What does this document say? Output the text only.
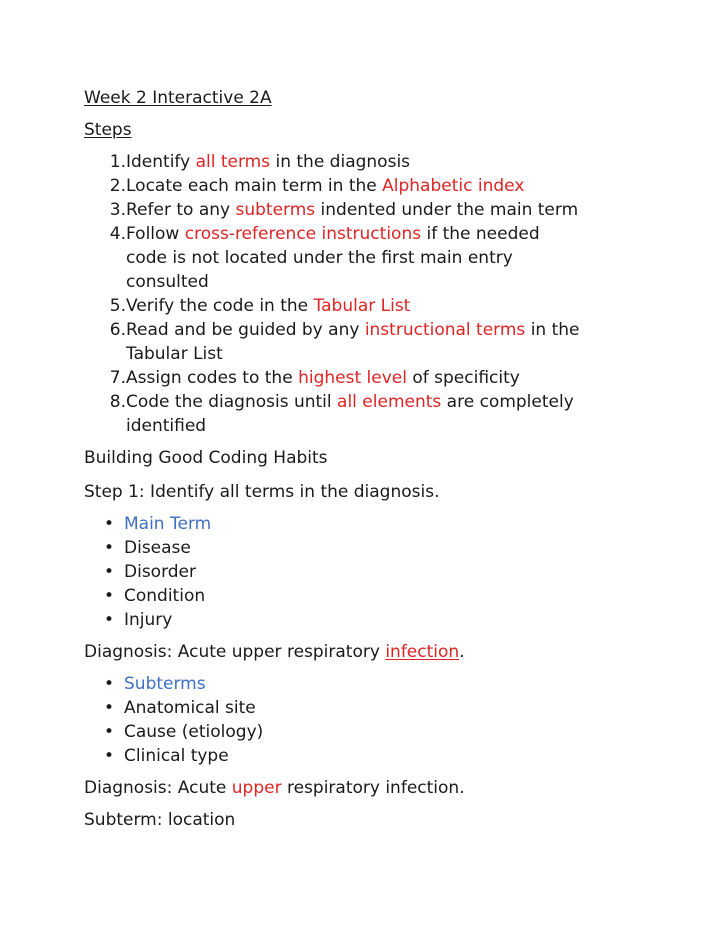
Week 2 Interactive 2A
Steps
1.Identify all terms in the diagnosis
2.Locate each main term in the Alphabetic index
3.Refer to any subterms indented under the main term
4.Follow cross-reference instructions if the needed
code is not located under the first main entry
consulted
5.Verify the code in the Tabular List
6.Read and be guided by any instructional terms in the
Tabular List
7.Assign codes to the highest level of specificity
8.Code the diagnosis until all elements are completely
identified
Building Good Coding Habits
Step 1: Identify all terms in the diagnosis.
• Main Term
• Disease
• Disorder
• Condition
• Injury
Diagnosis: Acute upper respiratory infection.
• Subterms
• Anatomical site
• Cause (etiology)
• Clinical type
Diagnosis: Acute upper respiratory infection.
Subterm: location
